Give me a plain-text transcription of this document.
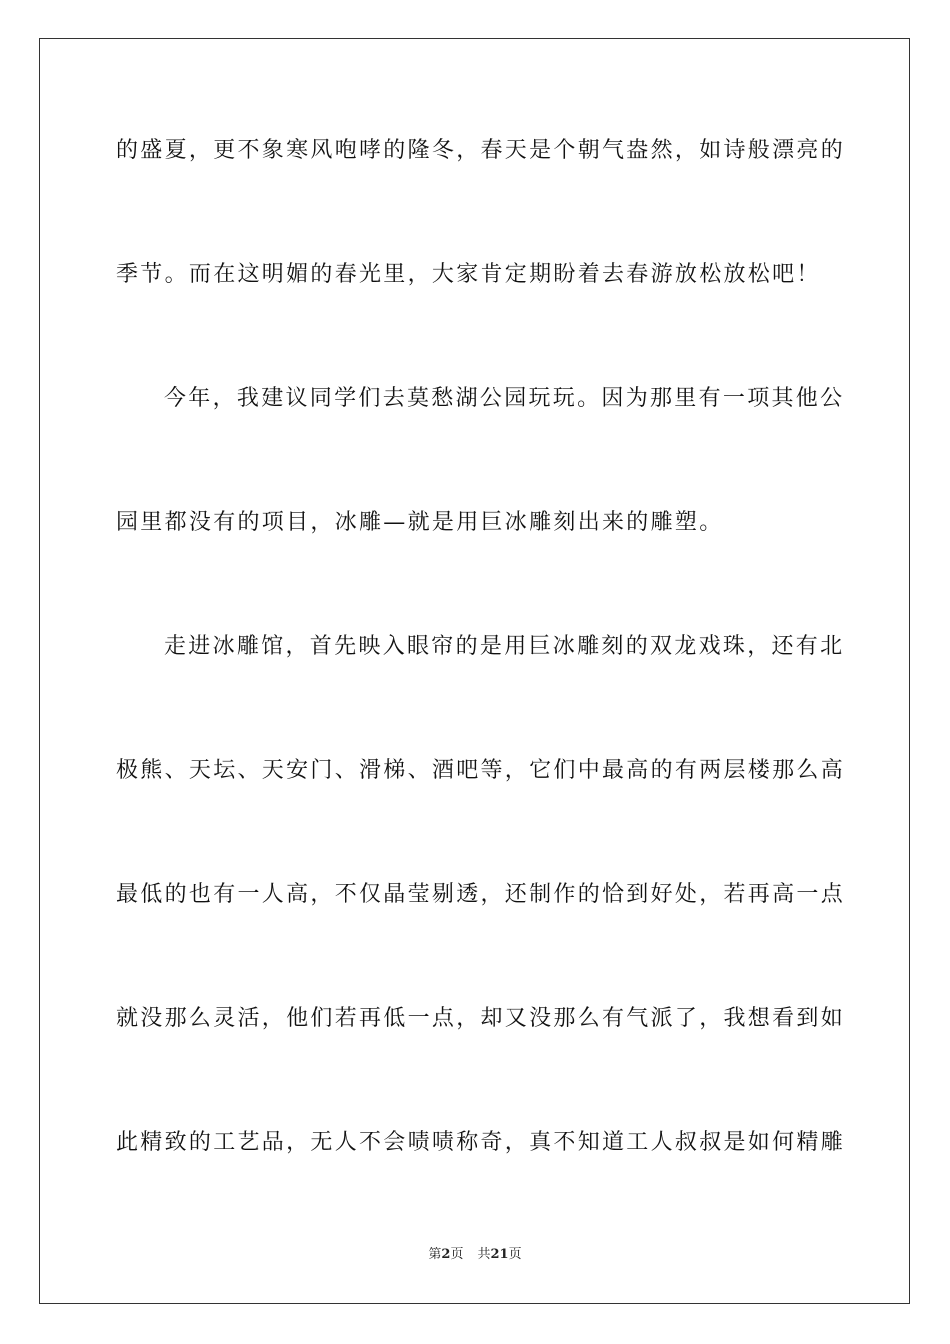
的盛夏，更不象寒风咆哮的隆冬，春天是个朝气盎然，如诗般漂亮的
季节。而在这明媚的春光里，大家肯定期盼着去春游放松放松吧！
今年，我建议同学们去莫愁湖公园玩玩。因为那里有一项其他公
园里都没有的项目，冰雕—就是用巨冰雕刻出来的雕塑。
走进冰雕馆，首先映入眼帘的是用巨冰雕刻的双龙戏珠，还有北
极熊、天坛、天安门、滑梯、酒吧等，它们中最高的有两层楼那么高
最低的也有一人高，不仅晶莹剔透，还制作的恰到好处，若再高一点
就没那么灵活，他们若再低一点，却又没那么有气派了，我想看到如
此精致的工艺品，无人不会啧啧称奇，真不知道工人叔叔是如何精雕
第2页 共21页
